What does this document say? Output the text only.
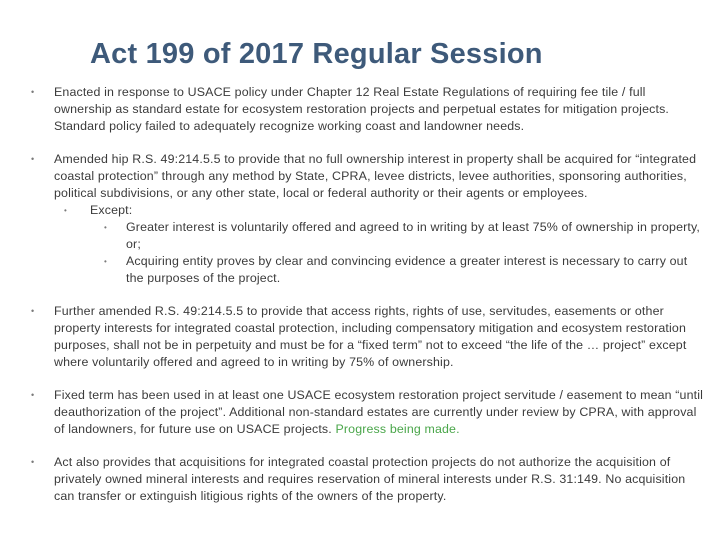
Act 199 of 2017 Regular Session
• Enacted in response to USACE policy under Chapter 12 Real Estate Regulations of requiring fee tile / full ownership as standard estate for ecosystem restoration projects and perpetual estates for mitigation projects. Standard policy failed to adequately recognize working coast and landowner needs.
• Amended hip R.S. 49:214.5.5 to provide that no full ownership interest in property shall be acquired for “integrated coastal protection” through any method by State, CPRA, levee districts, levee authorities, sponsoring authorities, political subdivisions, or any other state, local or federal authority or their agents or employees.
• Except:
• Greater interest is voluntarily offered and agreed to in writing by at least 75% of ownership in property, or;
• Acquiring entity proves by clear and convincing evidence a greater interest is necessary to carry out the purposes of the project.
• Further amended R.S. 49:214.5.5 to provide that access rights, rights of use, servitudes, easements or other property interests for integrated coastal protection, including compensatory mitigation and ecosystem restoration purposes, shall not be in perpetuity and must be for a “fixed term” not to exceed “the life of the … project” except where voluntarily offered and agreed to in writing by 75% of ownership.
• Fixed term has been used in at least one USACE ecosystem restoration project servitude / easement to mean “until deauthorization of the project”. Additional non-standard estates are currently under review by CPRA, with approval of landowners, for future use on USACE projects. Progress being made.
• Act also provides that acquisitions for integrated coastal protection projects do not authorize the acquisition of privately owned mineral interests and requires reservation of mineral interests under R.S. 31:149. No acquisition can transfer or extinguish litigious rights of the owners of the property.
